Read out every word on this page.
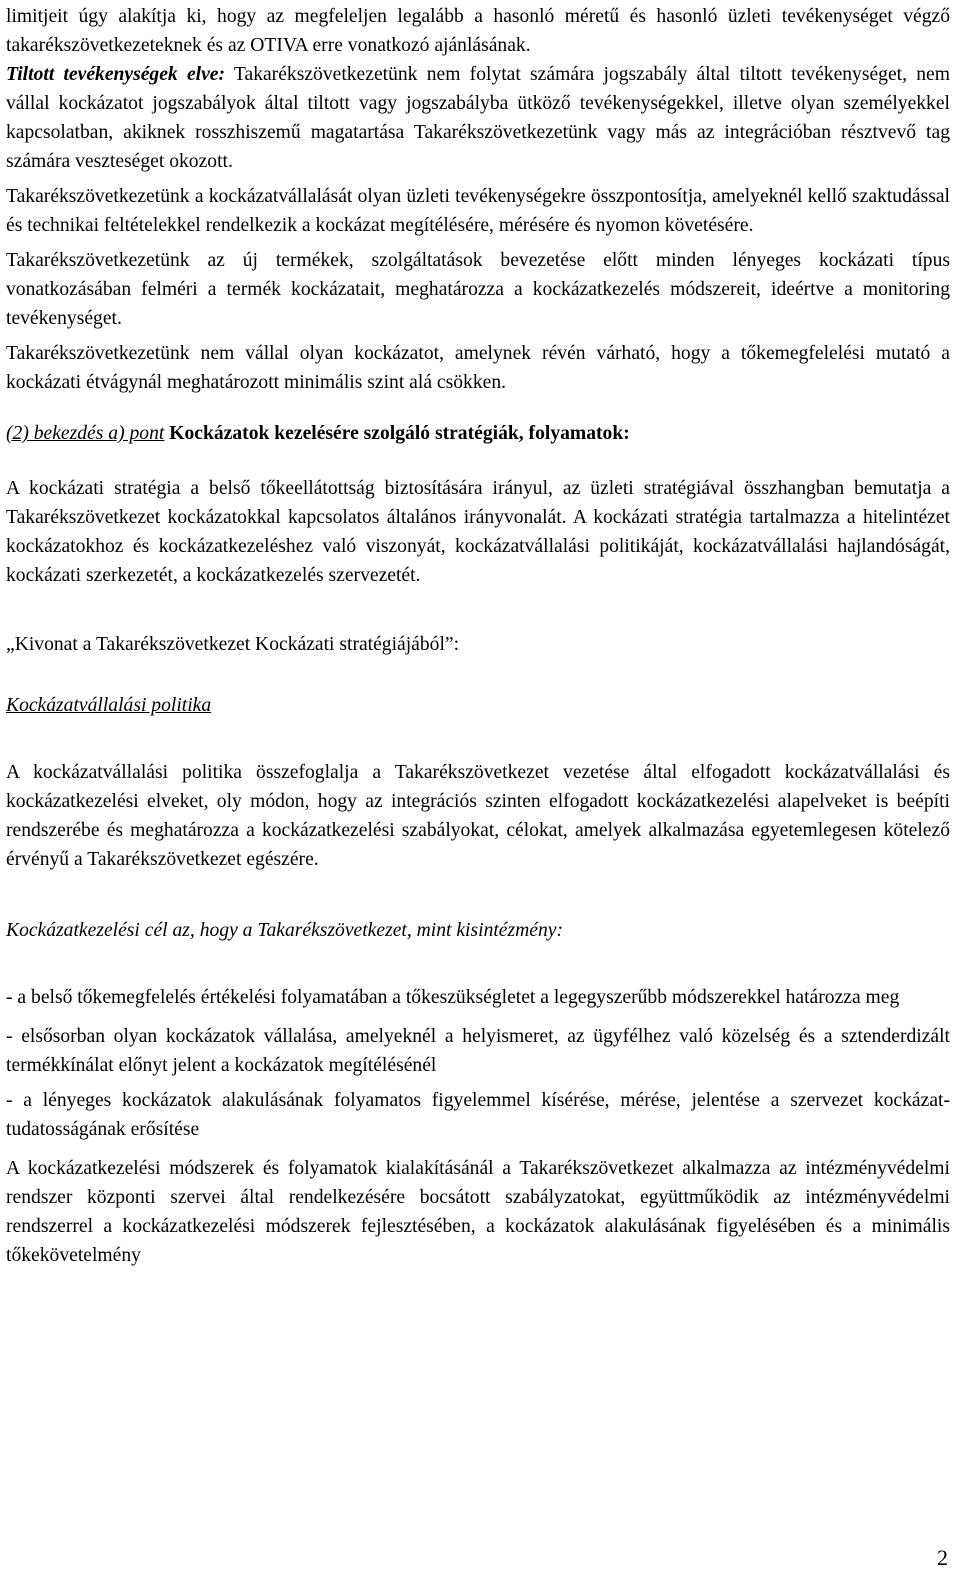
limitjeit úgy alakítja ki, hogy az megfeleljen legalább a hasonló méretű és hasonló üzleti tevékenységet végző takarékszövetkezeteknek és az OTIVA erre vonatkozó ajánlásának.

Tiltott tevékenységek elve: Takarékszövetkezetünk nem folytat számára jogszabály által tiltott tevékenységet, nem vállal kockázatot jogszabályok által tiltott vagy jogszabályba ütköző tevékenységekkel, illetve olyan személyekkel kapcsolatban, akiknek rosszhiszemű magatartása Takarékszövetkezetünk vagy más az integrációban résztvevő tag számára veszteséget okozott.

Takarékszövetkezetünk a kockázatvállalását olyan üzleti tevékenységekre összpontosítja, amelyeknél kellő szaktudással és technikai feltételekkel rendelkezik a kockázat megítélésére, mérésére és nyomon követésére.

Takarékszövetkezetünk az új termékek, szolgáltatások bevezetése előtt minden lényeges kockázati típus vonatkozásában felméri a termék kockázatait, meghatározza a kockázatkezelés módszereit, ideértve a monitoring tevékenységet.

Takarékszövetkezetünk nem vállal olyan kockázatot, amelynek révén várható, hogy a tőkemegfelelési mutató a kockázati étvágynál meghatározott minimális szint alá csökken.

(2) bekezdés a) pont Kockázatok kezelésére szolgáló stratégiák, folyamatok:

A kockázati stratégia a belső tőkeellátottság biztosítására irányul, az üzleti stratégiával összhangban bemutatja a Takarékszövetkezet kockázatokkal kapcsolatos általános irányvonalát. A kockázati stratégia tartalmazza a hitelintézet kockázatokhoz és kockázatkezeléshez való viszonyát, kockázatvállalási politikáját, kockázatvállalási hajlandóságát, kockázati szerkezetét, a kockázatkezelés szervezetét.

„Kivonat a Takarékszövetkezet Kockázati stratégiájából”:

Kockázatvállalási politika

A kockázatvállalási politika összefoglalja a Takarékszövetkezet vezetése által elfogadott kockázatvállalási és kockázatkezelési elveket, oly módon, hogy az integrációs szinten elfogadott kockázatkezelési alapelveket is beépíti rendszerébe és meghatározza a kockázatkezelési szabályokat, célokat, amelyek alkalmazása egyetemlegesen kötelező érvényű a Takarékszövetkezet egészére.

Kockázatkezelési cél az, hogy a Takarékszövetkezet, mint kisintézmény:

- a belső tőkemegfelelés értékelési folyamatában a tőkeszükségletet a legegyszerűbb módszerekkel határozza meg

- elsősorban olyan kockázatok vállalása, amelyeknél a helyismeret, az ügyfélhez való közelség és a sztenderdizált termékkínálat előnyt jelent a kockázatok megítélésénél

- a lényeges kockázatok alakulásának folyamatos figyelemmel kísérése, mérése, jelentése a szervezet kockázat-tudatosságának erősítése

A kockázatkezelési módszerek és folyamatok kialakításánál a Takarékszövetkezet alkalmazza az intézményvédelmi rendszer központi szervei által rendelkezésére bocsátott szabályzatokat, együttműködik az intézményvédelmi rendszerrel a kockázatkezelési módszerek fejlesztésében, a kockázatok alakulásának figyelésében és a minimális tőkekövetelmény

2
